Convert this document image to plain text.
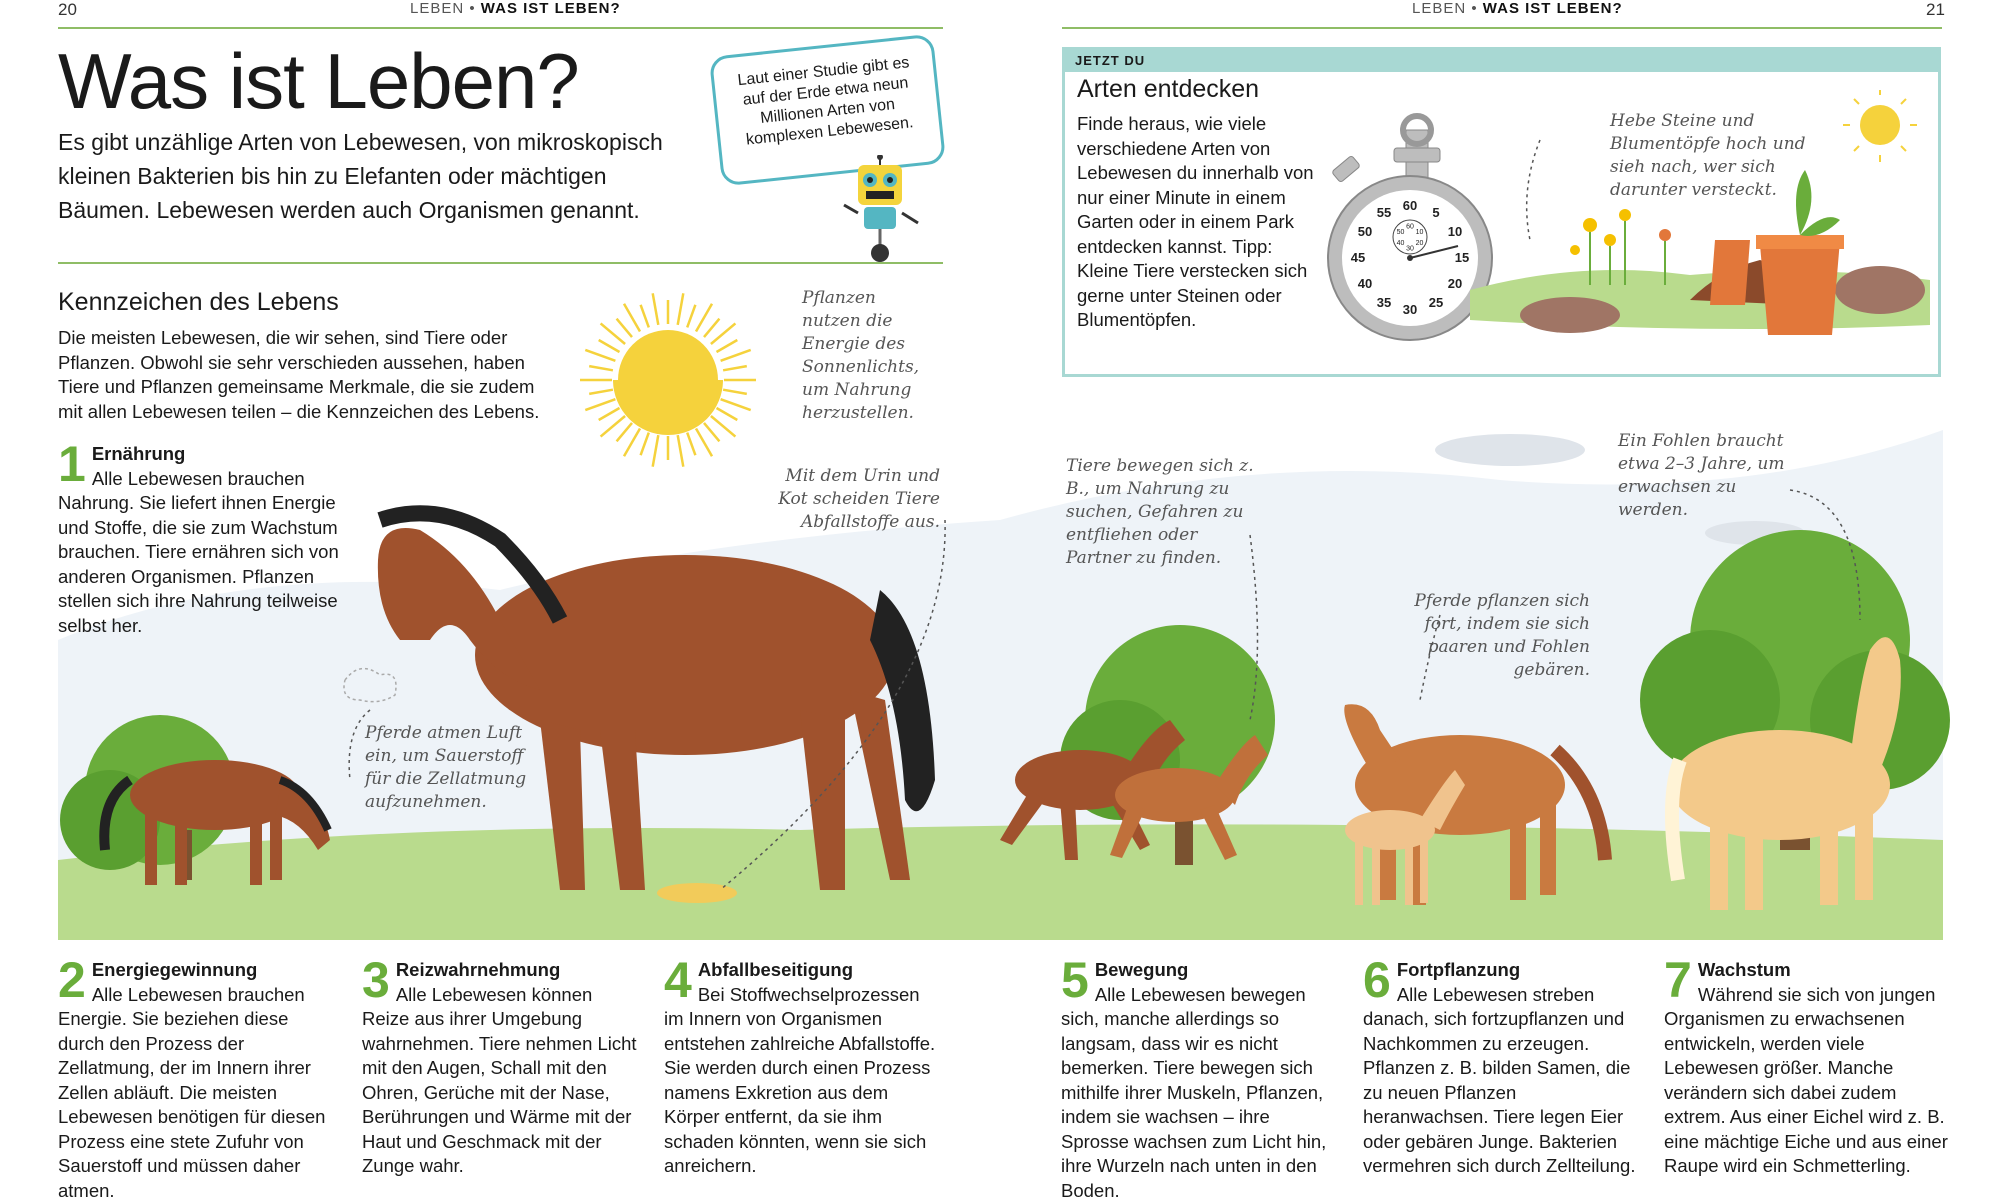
20	LEBEN • WAS IST LEBEN?	LEBEN • WAS IST LEBEN?	21
Was ist Leben?
Es gibt unzählige Arten von Lebewesen, von mikroskopisch kleinen Bakterien bis hin zu Elefanten oder mächtigen Bäumen. Lebewesen werden auch Organismen genannt.
Laut einer Studie gibt es auf der Erde etwa neun Millionen Arten von komplexen Lebewesen.
Kennzeichen des Lebens
Die meisten Lebewesen, die wir sehen, sind Tiere oder Pflanzen. Obwohl sie sehr verschieden aussehen, haben Tiere und Pflanzen gemeinsame Merkmale, die sie zudem mit allen Lebewesen teilen – die Kennzeichen des Lebens.
JETZT DU
Arten entdecken
Finde heraus, wie viele verschiedene Arten von Lebewesen du innerhalb von nur einer Minute in einem Garten oder in einem Park entdecken kannst. Tipp: Kleine Tiere verstecken sich gerne unter Steinen oder Blumentöpfen.
60 5
10
15
20
25
30
35
40
45
50
55
60
10
20
30
40
50
Hebe Steine und Blumentöpfe hoch und sieh nach, wer sich darunter versteckt.
Pflanzen nutzen die Energie des Sonnenlichts, um Nahrung herzustellen.
Mit dem Urin und Kot scheiden Tiere Abfallstoffe aus.
Tiere bewegen sich z. B., um Nahrung zu suchen, Gefahren zu entfliehen oder Partner zu finden.
Ein Fohlen braucht etwa 2–3 Jahre, um erwachsen zu werden.
Pferde atmen Luft ein, um Sauerstoff für die Zellatmung aufzunehmen.
Pferde pflanzen sich fort, indem sie sich paaren und Fohlen gebären.
1 Ernährung
Alle Lebewesen brauchen Nahrung. Sie liefert ihnen Energie und Stoffe, die sie zum Wachstum brauchen. Tiere ernähren sich von anderen Organismen. Pflanzen stellen sich ihre Nahrung teilweise selbst her.
2 Energiegewinnung
Alle Lebewesen brauchen Energie. Sie beziehen diese durch den Prozess der Zellatmung, der im Innern ihrer Zellen abläuft. Die meisten Lebewesen benötigen für diesen Prozess eine stete Zufuhr von Sauerstoff und müssen daher atmen.
3 Reizwahrnehmung
Alle Lebewesen können Reize aus ihrer Umgebung wahrnehmen. Tiere nehmen Licht mit den Augen, Schall mit den Ohren, Gerüche mit der Nase, Berührungen und Wärme mit der Haut und Geschmack mit der Zunge wahr.
4 Abfallbeseitigung
Bei Stoffwechselprozessen im Innern von Organismen entstehen zahlreiche Abfallstoffe. Sie werden durch einen Prozess namens Exkretion aus dem Körper entfernt, da sie ihm schaden könnten, wenn sie sich anreichern.
5 Bewegung
Alle Lebewesen bewegen sich, manche allerdings so langsam, dass wir es nicht bemerken. Tiere bewegen sich mithilfe ihrer Muskeln, Pflanzen, indem sie wachsen – ihre Sprosse wachsen zum Licht hin, ihre Wurzeln nach unten in den Boden.
6 Fortpflanzung
Alle Lebewesen streben danach, sich fortzupflanzen und Nachkommen zu erzeugen. Pflanzen z. B. bilden Samen, die zu neuen Pflanzen heranwachsen. Tiere legen Eier oder gebären Junge. Bakterien vermehren sich durch Zellteilung.
7 Wachstum
Während sie sich von jungen Organismen zu erwachsenen entwickeln, werden viele Lebewesen größer. Manche verändern sich dabei zudem extrem. Aus einer Eichel wird z. B. eine mächtige Eiche und aus einer Raupe wird ein Schmetterling.
